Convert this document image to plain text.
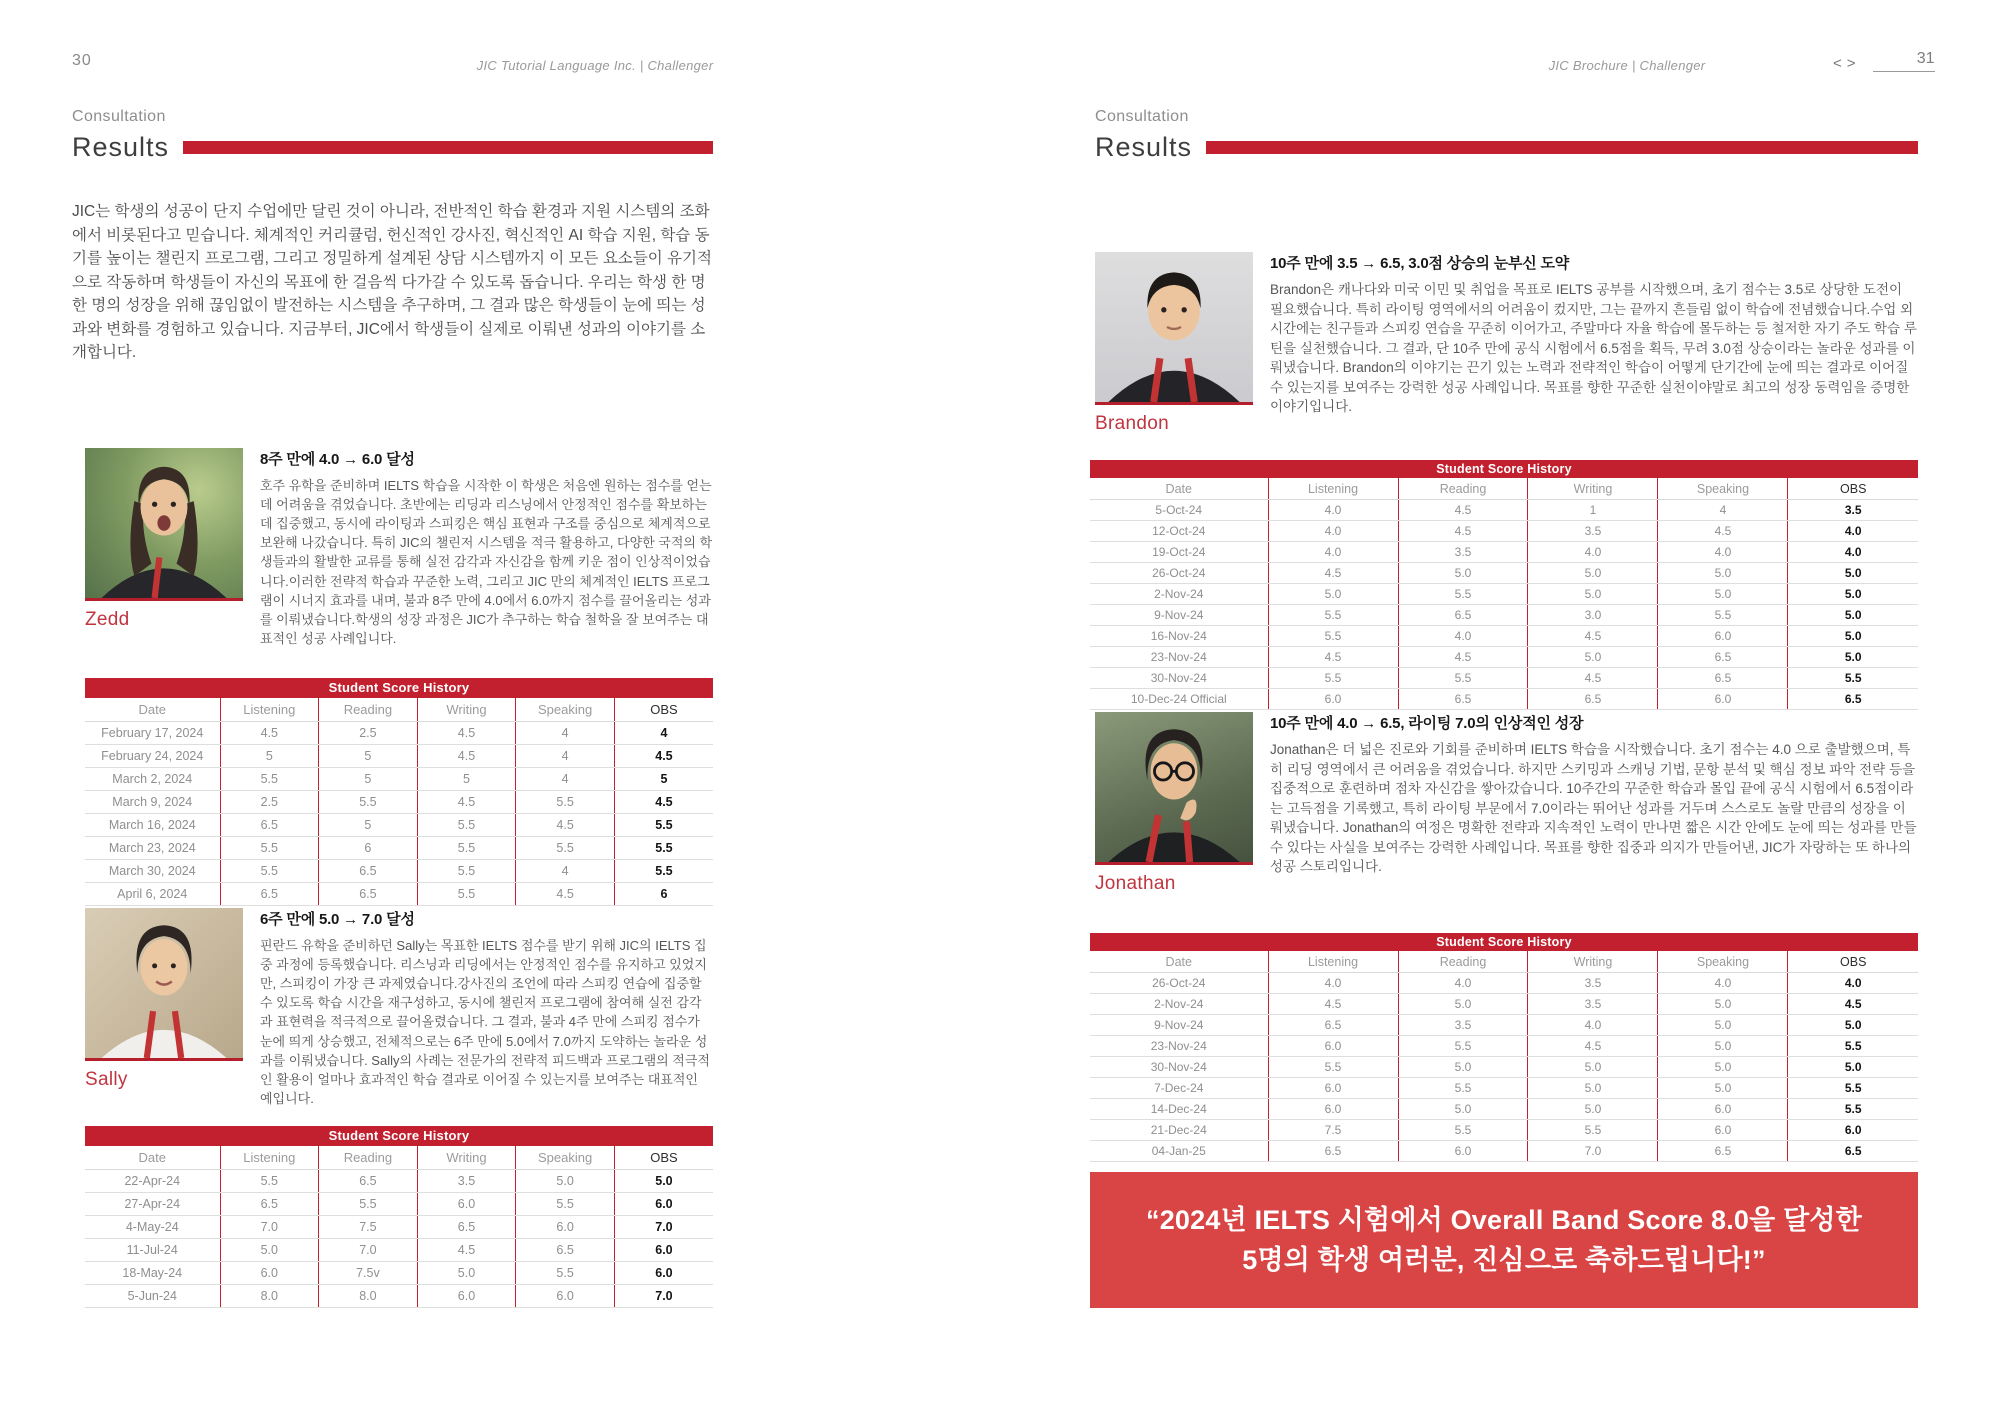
30	JIC Tutorial Language Inc. | Challenger
Consultation
Results

JIC는 학생의 성공이 단지 수업에만 달린 것이 아니라, 전반적인 학습 환경과 지원 시스템의 조화에서 비롯된다고 믿습니다. 체계적인 커리큘럼, 헌신적인 강사진, 혁신적인 AI 학습 지원, 학습 동기를 높이는 챌린지 프로그램, 그리고 정밀하게 설계된 상담 시스템까지 이 모든 요소들이 유기적으로 작동하며 학생들이 자신의 목표에 한 걸음씩 다가갈 수 있도록 돕습니다. 우리는 학생 한 명 한 명의 성장을 위해 끊임없이 발전하는 시스템을 추구하며, 그 결과 많은 학생들이 눈에 띄는 성과와 변화를 경험하고 있습니다. 지금부터, JIC에서 학생들이 실제로 이뤄낸 성과의 이야기를 소개합니다.

Zedd
8주 만에 4.0 → 6.0 달성

호주 유학을 준비하며 IELTS 학습을 시작한 이 학생은 처음엔 원하는 점수를 얻는 데 어려움을 겪었습니다. 초반에는 리딩과 리스닝에서 안정적인 점수를 확보하는 데 집중했고, 동시에 라이팅과 스피킹은 핵심 표현과 구조를 중심으로 체계적으로 보완해 나갔습니다. 특히 JIC의 챌린저 시스템을 적극 활용하고, 다양한 국적의 학생들과의 활발한 교류를 통해 실전 감각과 자신감을 함께 키운 점이 인상적이었습니다.이러한 전략적 학습과 꾸준한 노력, 그리고 JIC 만의 체계적인 IELTS 프로그램이 시너지 효과를 내며, 불과 8주 만에 4.0에서 6.0까지 점수를 끌어올리는 성과를 이뤄냈습니다.학생의 성장 과정은 JIC가 추구하는 학습 철학을 잘 보여주는 대표적인 성공 사례입니다.

Student Score History
Date	Listening	Reading	Writing	Speaking	OBS
February 17, 2024	4.5	2.5	4.5	4	4
February 24, 2024	5	5	4.5	4	4.5
March 2, 2024	5.5	5	5	4	5
March 9, 2024	2.5	5.5	4.5	5.5	4.5
March 16, 2024	6.5	5	5.5	4.5	5.5
March 23, 2024	5.5	6	5.5	5.5	5.5
March 30, 2024	5.5	6.5	5.5	4	5.5
April 6, 2024	6.5	6.5	5.5	4.5	6
Sally
6주 만에 5.0 → 7.0 달성

핀란드 유학을 준비하던 Sally는 목표한 IELTS 점수를 받기 위해 JIC의 IELTS 집중 과정에 등록했습니다. 리스닝과 리딩에서는 안정적인 점수를 유지하고 있었지만, 스피킹이 가장 큰 과제였습니다.강사진의 조언에 따라 스피킹 연습에 집중할 수 있도록 학습 시간을 재구성하고, 동시에 챌린저 프로그램에 참여해 실전 감각과 표현력을 적극적으로 끌어올렸습니다. 그 결과, 불과 4주 만에 스피킹 점수가 눈에 띄게 상승했고, 전체적으로는 6주 만에 5.0에서 7.0까지 도약하는 놀라운 성과를 이뤄냈습니다. Sally의 사례는 전문가의 전략적 피드백과 프로그램의 적극적인 활용이 얼마나 효과적인 학습 결과로 이어질 수 있는지를 보여주는 대표적인 예입니다.

Student Score History
Date	Listening	Reading	Writing	Speaking	OBS
22-Apr-24	5.5	6.5	3.5	5.0	5.0
27-Apr-24	6.5	5.5	6.0	5.5	6.0
4-May-24	7.0	7.5	6.5	6.0	7.0
11-Jul-24	5.0	7.0	4.5	6.5	6.0
18-May-24	6.0	7.5v	5.0	5.5	6.0
5-Jun-24	8.0	8.0	6.0	6.0	7.0
JIC Brochure | Challenger	<>	31
Consultation
Results
Brandon
10주 만에 3.5 → 6.5, 3.0점 상승의 눈부신 도약

Brandon은 캐나다와 미국 이민 및 취업을 목표로 IELTS 공부를 시작했으며, 초기 점수는 3.5로 상당한 도전이 필요했습니다. 특히 라이팅 영역에서의 어려움이 컸지만, 그는 끝까지 흔들림 없이 학습에 전념했습니다.수업 외 시간에는 친구들과 스피킹 연습을 꾸준히 이어가고, 주말마다 자율 학습에 몰두하는 등 철저한 자기 주도 학습 루틴을 실천했습니다. 그 결과, 단 10주 만에 공식 시험에서 6.5점을 획득, 무려 3.0점 상승이라는 놀라운 성과를 이뤄냈습니다. Brandon의 이야기는 끈기 있는 노력과 전략적인 학습이 어떻게 단기간에 눈에 띄는 결과로 이어질 수 있는지를 보여주는 강력한 성공 사례입니다. 목표를 향한 꾸준한 실천이야말로 최고의 성장 동력임을 증명한 이야기입니다.

Student Score History
Date	Listening	Reading	Writing	Speaking	OBS
5-Oct-24	4.0	4.5	1	4	3.5
12-Oct-24	4.0	4.5	3.5	4.5	4.0
19-Oct-24	4.0	3.5	4.0	4.0	4.0
26-Oct-24	4.5	5.0	5.0	5.0	5.0
2-Nov-24	5.0	5.5	5.0	5.0	5.0
9-Nov-24	5.5	6.5	3.0	5.5	5.0
16-Nov-24	5.5	4.0	4.5	6.0	5.0
23-Nov-24	4.5	4.5	5.0	6.5	5.0
30-Nov-24	5.5	5.5	4.5	6.5	5.5
10-Dec-24 Official	6.0	6.5	6.5	6.0	6.5
Jonathan
10주 만에 4.0 → 6.5, 라이팅 7.0의 인상적인 성장

Jonathan은 더 넓은 진로와 기회를 준비하며 IELTS 학습을 시작했습니다. 초기 점수는 4.0 으로 출발했으며, 특히 리딩 영역에서 큰 어려움을 겪었습니다. 하지만 스키밍과 스캐닝 기법, 문항 분석 및 핵심 정보 파악 전략 등을 집중적으로 훈련하며 점차 자신감을 쌓아갔습니다. 10주간의 꾸준한 학습과 몰입 끝에 공식 시험에서 6.5점이라는 고득점을 기록했고, 특히 라이팅 부문에서 7.0이라는 뛰어난 성과를 거두며 스스로도 놀랄 만큼의 성장을 이뤄냈습니다. Jonathan의 여정은 명확한 전략과 지속적인 노력이 만나면 짧은 시간 안에도 눈에 띄는 성과를 만들 수 있다는 사실을 보여주는 강력한 사례입니다. 목표를 향한 집중과 의지가 만들어낸, JIC가 자랑하는 또 하나의 성공 스토리입니다.

Student Score History
Date	Listening	Reading	Writing	Speaking	OBS
26-Oct-24	4.0	4.0	3.5	4.0	4.0
2-Nov-24	4.5	5.0	3.5	5.0	4.5
9-Nov-24	6.5	3.5	4.0	5.0	5.0
23-Nov-24	6.0	5.5	4.5	5.0	5.5
30-Nov-24	5.5	5.0	5.0	5.0	5.0
7-Dec-24	6.0	5.5	5.0	5.0	5.5
14-Dec-24	6.0	5.0	5.0	6.0	5.5
21-Dec-24	7.5	5.5	5.5	6.0	6.0
04-Jan-25	6.5	6.0	7.0	6.5	6.5
“2024년 IELTS 시험에서 Overall Band Score 8.0을 달성한 5명의 학생 여러분, 진심으로 축하드립니다!”
